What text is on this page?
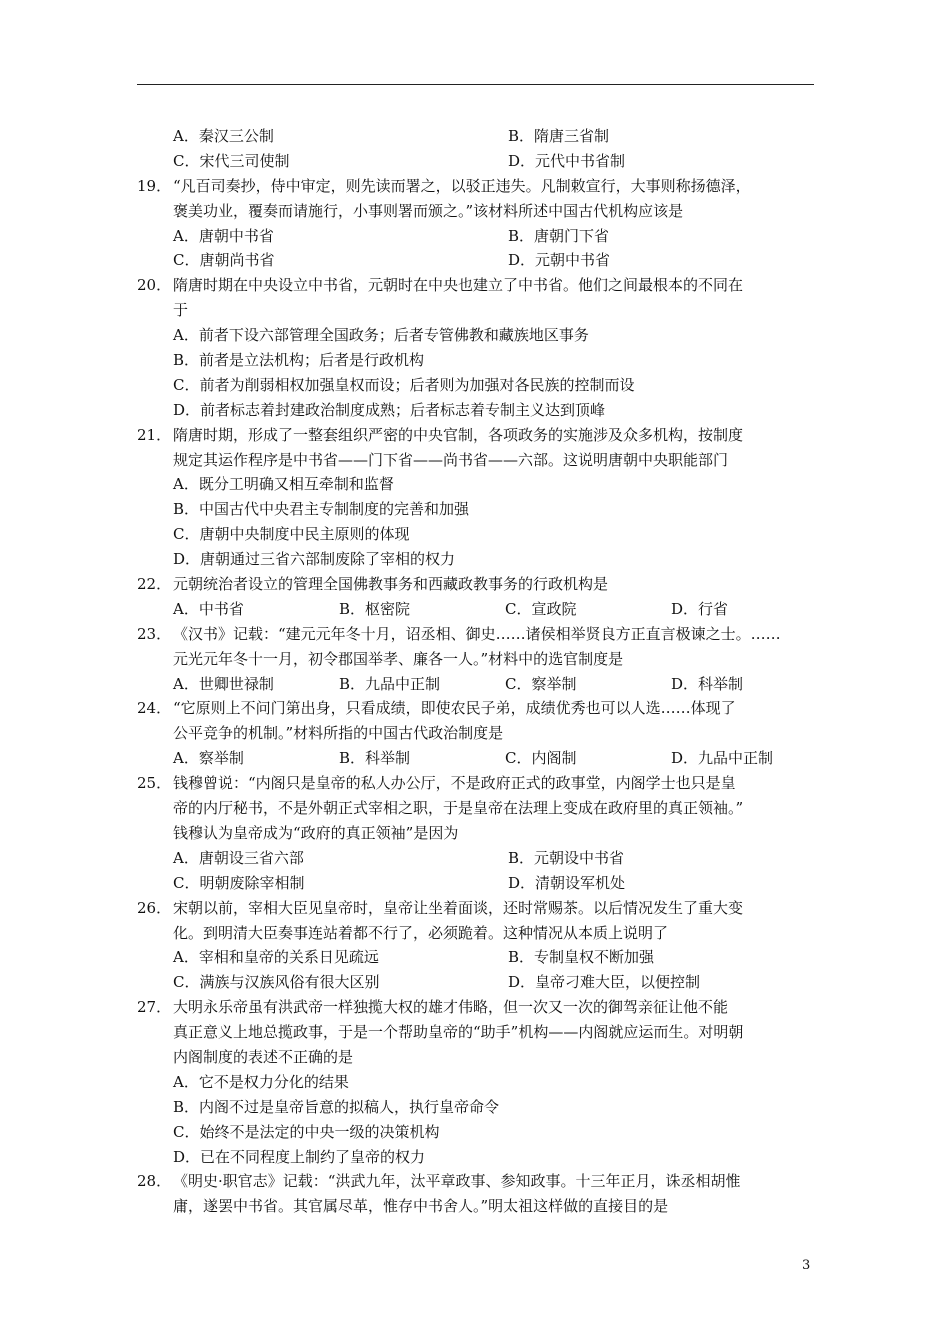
A．秦汉三公制	B．隋唐三省制
C．宋代三司使制	D．元代中书省制
19． “凡百司奏抄，侍中审定，则先读而署之，以驳正违失。凡制敕宣行，大事则称扬德泽，
褒美功业，覆奏而请施行，小事则署而颁之。”该材料所述中国古代机构应该是
A．唐朝中书省	B．唐朝门下省
C．唐朝尚书省	D．元朝中书省
20． 隋唐时期在中央设立中书省，元朝时在中央也建立了中书省。他们之间最根本的不同在
于
A．前者下设六部管理全国政务；后者专管佛教和藏族地区事务
B．前者是立法机构；后者是行政机构
C．前者为削弱相权加强皇权而设；后者则为加强对各民族的控制而设
D．前者标志着封建政治制度成熟；后者标志着专制主义达到顶峰
21． 隋唐时期，形成了一整套组织严密的中央官制，各项政务的实施涉及众多机构，按制度
规定其运作程序是中书省——门下省——尚书省——六部。这说明唐朝中央职能部门
A．既分工明确又相互牵制和监督
B．中国古代中央君主专制制度的完善和加强
C．唐朝中央制度中民主原则的体现
D．唐朝通过三省六部制废除了宰相的权力
22． 元朝统治者设立的管理全国佛教事务和西藏政教事务的行政机构是
A．中书省	B．枢密院	C．宣政院	D．行省
23． 《汉书》记载：“建元元年冬十月，诏丞相、御史……诸侯相举贤良方正直言极谏之士。……
元光元年冬十一月，初令郡国举孝、廉各一人。”材料中的选官制度是
A．世卿世禄制	B．九品中正制	C．察举制	D．科举制
24． “它原则上不问门第出身，只看成绩，即使农民子弟，成绩优秀也可以人选……体现了
公平竞争的机制。”材料所指的中国古代政治制度是
A．察举制	B．科举制	C．内阁制	D．九品中正制
25． 钱穆曾说：“内阁只是皇帝的私人办公厅，不是政府正式的政事堂，内阁学士也只是皇
帝的内厅秘书，不是外朝正式宰相之职，于是皇帝在法理上变成在政府里的真正领袖。”
钱穆认为皇帝成为“政府的真正领袖”是因为
A．唐朝设三省六部	B．元朝设中书省
C．明朝废除宰相制	D．清朝设军机处
26． 宋朝以前，宰相大臣见皇帝时，皇帝让坐着面谈，还时常赐茶。以后情况发生了重大变
化。到明清大臣奏事连站着都不行了，必须跪着。这种情况从本质上说明了
A．宰相和皇帝的关系日见疏远	B．专制皇权不断加强
C．满族与汉族风俗有很大区别	D．皇帝刁难大臣，以便控制
27． 大明永乐帝虽有洪武帝一样独揽大权的雄才伟略，但一次又一次的御驾亲征让他不能
真正意义上地总揽政事，于是一个帮助皇帝的“助手”机构——内阁就应运而生。对明朝
内阁制度的表述不正确的是
A．它不是权力分化的结果
B．内阁不过是皇帝旨意的拟稿人，执行皇帝命令
C．始终不是法定的中央一级的决策机构
D．已在不同程度上制约了皇帝的权力
28． 《明史·职官志》记载：“洪武九年，汰平章政事、参知政事。十三年正月，诛丞相胡惟
庸，遂罢中书省。其官属尽革，惟存中书舍人。”明太祖这样做的直接目的是
3
